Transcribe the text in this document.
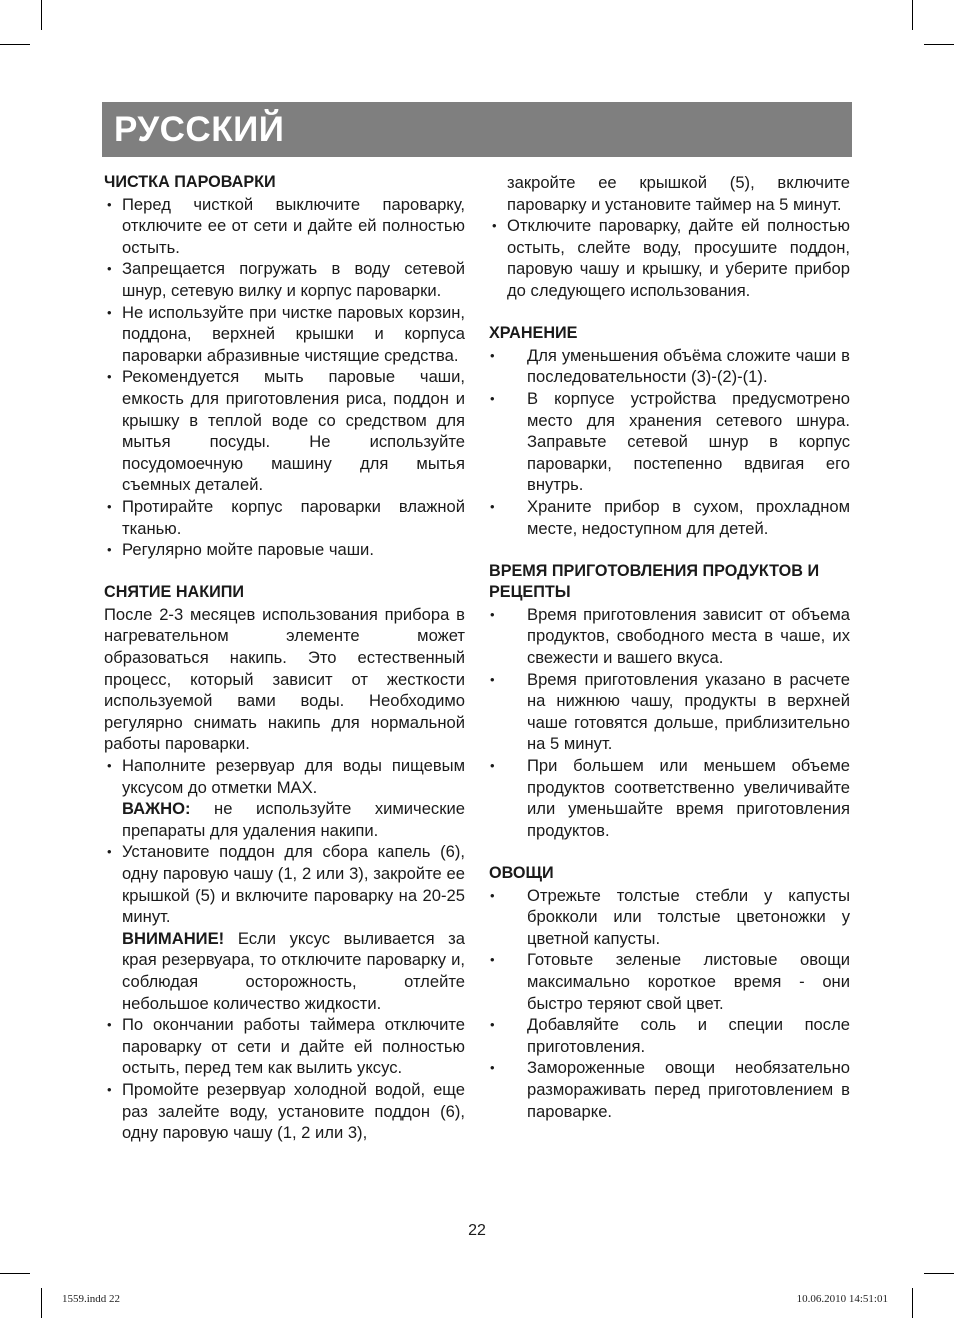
РУССКИЙ
ЧИСТКА ПАРОВАРКИ
• Перед чисткой выключите пароварку, отключите ее от сети и дайте ей полностью остыть.
• Запрещается погружать в воду сетевой шнур, сетевую вилку и корпус пароварки.
• Не используйте при чистке паровых корзин, поддона, верхней крышки и корпуса пароварки абразивные чистящие средства.
• Рекомендуется мыть паровые чаши, емкость для приготовления риса, поддон и крышку в теплой воде со средством для мытья посуды. Не используйте посудомоечную машину для мытья съемных деталей.
• Протирайте корпус пароварки влажной тканью.
• Регулярно мойте паровые чаши.
СНЯТИЕ НАКИПИ

После 2-3 месяцев использования прибора в нагревательном элементе может образоваться накипь. Это естественный процесс, который зависит от жесткости используемой вами воды. Необходимо регулярно снимать накипь для нормальной работы пароварки.

• Наполните резервуар для воды пищевым уксусом до отметки MAX.

ВАЖНО: не используйте химические препараты для удаления накипи.

• Установите поддон для сбора капель (6), одну паровую чашу (1, 2 или 3), закройте ее крышкой (5) и включите пароварку на 20-25 минут.

ВНИМАНИЕ! Если уксус выливается за края резервуара, то отключите пароварку и, соблюдая осторожность, отлейте небольшое количество жидкости.

• По окончании работы таймера отключите пароварку от сети и дайте ей полностью остыть, перед тем как вылить уксус.
• Промойте резервуар холодной водой, еще раз залейте воду, установите поддон (6), одну паровую чашу (1, 2 или 3),

закройте ее крышкой (5), включите пароварку и установите таймер на 5 минут.

• Отключите пароварку, дайте ей полностью остыть, слейте воду, просушите поддон, паровую чашу и крышку, и уберите прибор до следующего использования.
ХРАНЕНИЕ
• Для уменьшения объёма сложите чаши в последовательности (3)-(2)-(1).
• В корпусе устройства предусмотрено место для хранения сетевого шнура. Заправьте сетевой шнур в корпус пароварки, постепенно вдвигая его внутрь.
• Храните прибор в сухом, прохладном месте, недоступном для детей.
ВРЕМЯ ПРИГОТОВЛЕНИЯ ПРОДУКТОВ И РЕЦЕПТЫ
• Время приготовления зависит от объема продуктов, свободного места в чаше, их свежести и вашего вкуса.
• Время приготовления указано в расчете на нижнюю чашу, продукты в верхней чаше готовятся дольше, приблизительно на 5 минут.
• При большем или меньшем объеме продуктов соответственно увеличивайте или уменьшайте время приготовления продуктов.
ОВОЩИ
• Отрежьте толстые стебли у капусты брокколи или толстые цветоножки у цветной капусты.
• Готовьте зеленые листовые овощи максимально короткое время - они быстро теряют свой цвет.
• Добавляйте соль и специи после приготовления.
• Замороженные овощи необязательно размораживать перед приготовлением в пароварке.
22
1559.indd 22	10.06.2010 14:51:01
